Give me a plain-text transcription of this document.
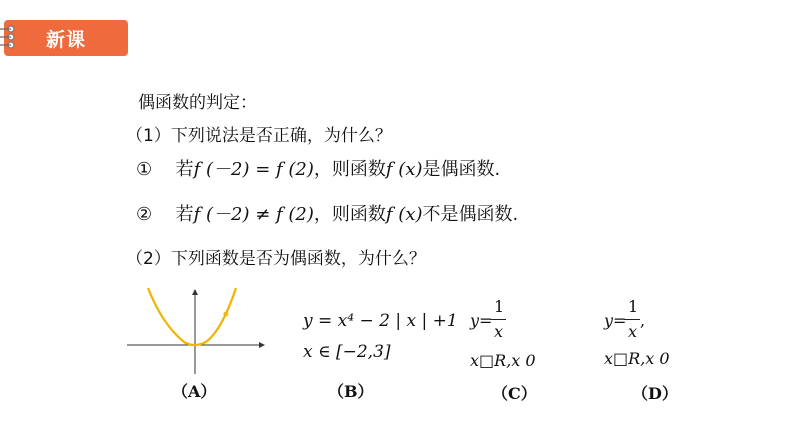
新课
偶函数的判定：
（1）下列说法是否正确，为什么？
① 若f (－2) = f (2)，则函数f (x)是偶函数.
② 若f (－2) ≠ f (2)，则函数f (x)不是偶函数.
（2）下列函数是否为偶函数，为什么？
（A）
y = x⁴ − 2 | x | +1
x ∈ [−2,3]
（B）
y=
1
x
x□R,x 0
（C）
y=
1
x
,
x□R,x 0
（D）
